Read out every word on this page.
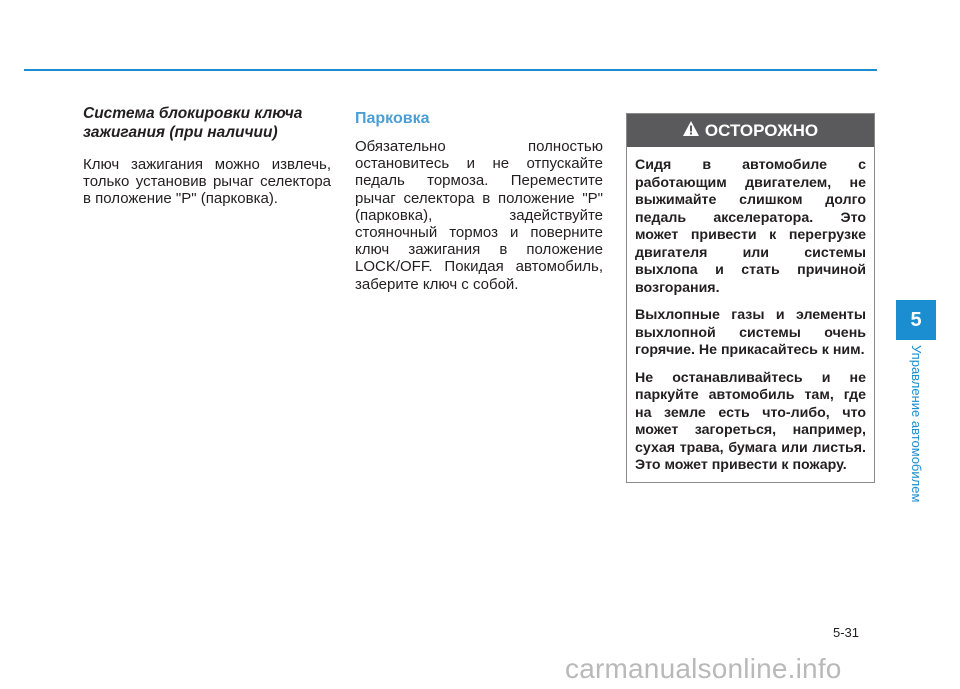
Система блокировки ключа зажигания (при наличии)

Ключ зажигания можно извлечь, только установив рычаг селектора в положение "P" (парковка).

Парковка

Обязательно полностью остановитесь и не отпускайте педаль тормоза. Переместите рычаг селектора в положение "P" (парковка), задействуйте стояночный тормоз и поверните ключ зажигания в положение LOCK/OFF. Покидая автомобиль, заберите ключ с собой.

ОСТОРОЖНО

Сидя в автомобиле с работающим двигателем, не выжимайте слишком долго педаль акселератора. Это может привести к перегрузке двигателя или системы выхлопа и стать причиной возгорания.

Выхлопные газы и элементы выхлопной системы очень горячие. Не прикасайтесь к ним.

Не останавливайтесь и не паркуйте автомобиль там, где на земле есть что-либо, что может загореться, например, сухая трава, бумага или листья. Это может привести к пожару.

5
Управление автомобилем
5-31
carmanualsonline.info
